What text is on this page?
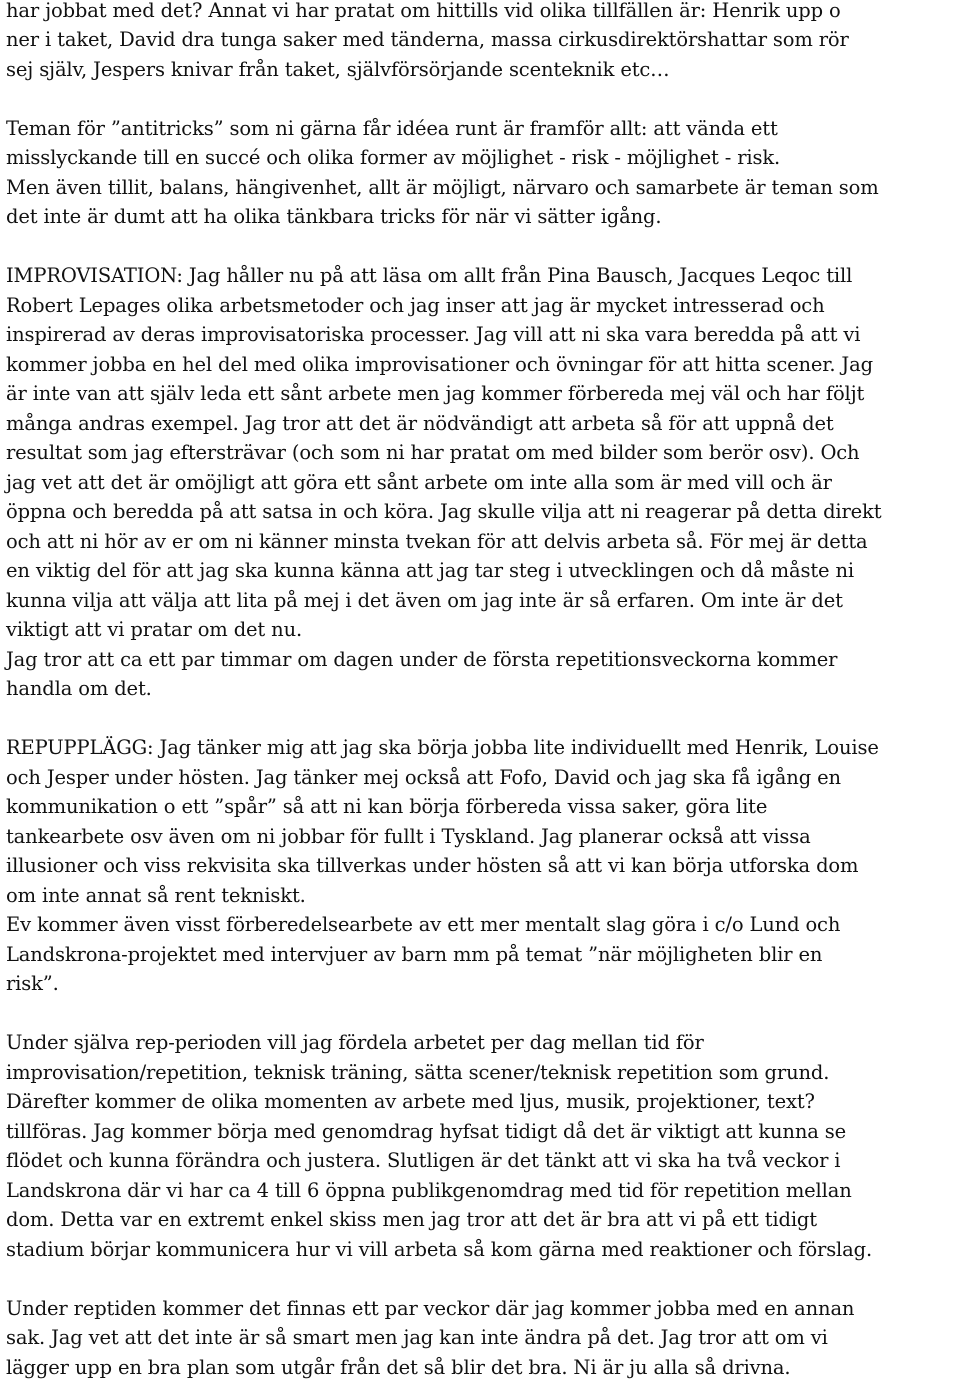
har jobbat med det? Annat vi har pratat om hittills vid olika tillfällen är: Henrik upp o

ner i taket, David dra tunga saker med tänderna, massa cirkusdirektörshattar som rör

sej själv, Jespers knivar från taket, självförsörjande scenteknik etc…

Teman för ”antitricks” som ni gärna får idéea runt är framför allt: att vända ett

misslyckande till en succé och olika former av möjlighet - risk - möjlighet - risk.

Men även tillit, balans, hängivenhet, allt är möjligt, närvaro och samarbete är teman som

det inte är dumt att ha olika tänkbara tricks för när vi sätter igång.

IMPROVISATION: Jag håller nu på att läsa om allt från Pina Bausch, Jacques Leqoc till

Robert Lepages olika arbetsmetoder och jag inser att jag är mycket intresserad och

inspirerad av deras improvisatoriska processer. Jag vill att ni ska vara beredda på att vi

kommer jobba en hel del med olika improvisationer och övningar för att hitta scener. Jag

är inte van att själv leda ett sånt arbete men jag kommer förbereda mej väl och har följt

många andras exempel. Jag tror att det är nödvändigt att arbeta så för att uppnå det

resultat som jag eftersträvar (och som ni har pratat om med bilder som berör osv). Och

jag vet att det är omöjligt att göra ett sånt arbete om inte alla som är med vill och är

öppna och beredda på att satsa in och köra. Jag skulle vilja att ni reagerar på detta direkt

och att ni hör av er om ni känner minsta tvekan för att delvis arbeta så. För mej är detta

en viktig del för att jag ska kunna känna att jag tar steg i utvecklingen och då måste ni

kunna vilja att välja att lita på mej i det även om jag inte är så erfaren. Om inte är det

viktigt att vi pratar om det nu.

Jag tror att ca ett par timmar om dagen under de första repetitionsveckorna kommer

handla om det.

REPUPPLÄGG: Jag tänker mig att jag ska börja jobba lite individuellt med Henrik, Louise

och Jesper under hösten. Jag tänker mej också att Fofo, David och jag ska få igång en

kommunikation o ett ”spår” så att ni kan börja förbereda vissa saker, göra lite

tankearbete osv även om ni jobbar för fullt i Tyskland. Jag planerar också att vissa

illusioner och viss rekvisita ska tillverkas under hösten så att vi kan börja utforska dom

om inte annat så rent tekniskt.

Ev kommer även visst förberedelsearbete av ett mer mentalt slag göra i c/o Lund och

Landskrona-projektet med intervjuer av barn mm på temat ”när möjligheten blir en

risk”.

Under själva rep-perioden vill jag fördela arbetet per dag mellan tid för

improvisation/repetition, teknisk träning, sätta scener/teknisk repetition som grund.

Därefter kommer de olika momenten av arbete med ljus, musik, projektioner, text?

tillföras. Jag kommer börja med genomdrag hyfsat tidigt då det är viktigt att kunna se

flödet och kunna förändra och justera. Slutligen är det tänkt att vi ska ha två veckor i

Landskrona där vi har ca 4 till 6 öppna publikgenomdrag med tid för repetition mellan

dom. Detta var en extremt enkel skiss men jag tror att det är bra att vi på ett tidigt

stadium börjar kommunicera hur vi vill arbeta så kom gärna med reaktioner och förslag.

Under reptiden kommer det finnas ett par veckor där jag kommer jobba med en annan

sak. Jag vet att det inte är så smart men jag kan inte ändra på det. Jag tror att om vi

lägger upp en bra plan som utgår från det så blir det bra. Ni är ju alla så drivna.
